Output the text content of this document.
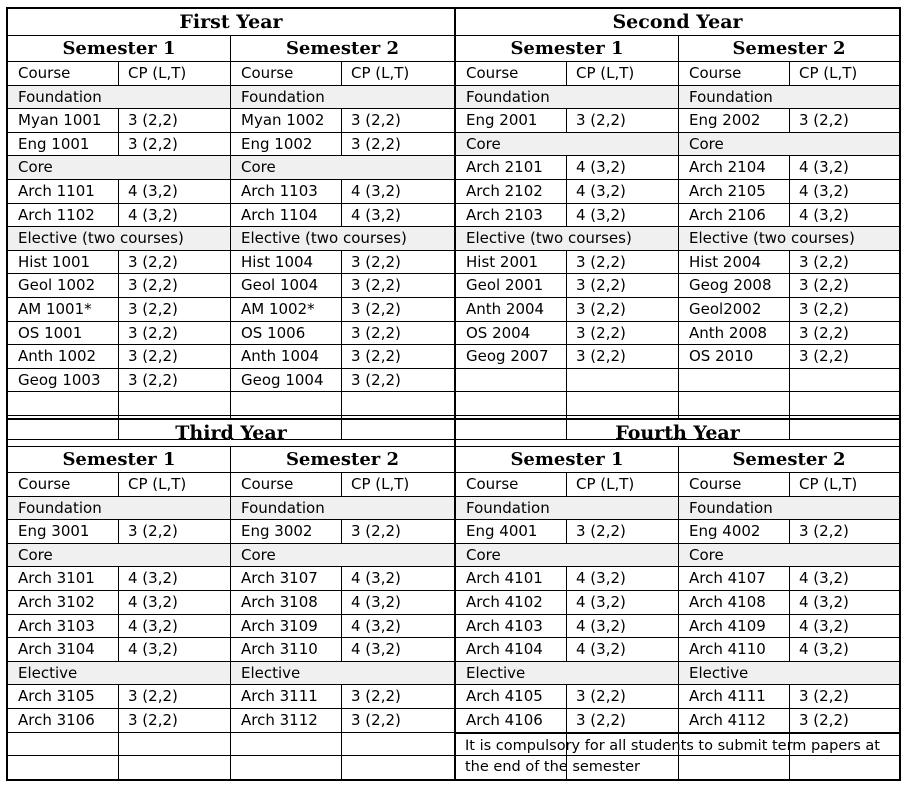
First Year
Semester 1
Course	CP (L,T)
Foundation
Myan 1001	3 (2,2)
Eng 1001	3 (2,2)
Core
Arch 1101	4 (3,2)
Arch 1102	4 (3,2)
Elective (two courses)
Hist 1001	3 (2,2)
Geol 1002	3 (2,2)
AM 1001*	3 (2,2)
OS 1001	3 (2,2)
Anth 1002	3 (2,2)
Geog 1003	3 (2,2)
Semester 2
Course	CP (L,T)
Foundation
Myan 1002	3 (2,2)
Eng 1002	3 (2,2)
Core
Arch 1103	4 (3,2)
Arch 1104	4 (3,2)
Elective (two courses)
Hist 1004	3 (2,2)
Geol 1004	3 (2,2)
AM 1002*	3 (2,2)
OS 1006	3 (2,2)
Anth 1004	3 (2,2)
Geog 1004	3 (2,2)
Second Year
Semester 1
Course	CP (L,T)
Foundation
Eng 2001	3 (2,2)
Core
Arch 2101	4 (3,2)
Arch 2102	4 (3,2)
Arch 2103	4 (3,2)
Elective (two courses)
Hist 2001	3 (2,2)
Geol 2001	3 (2,2)
Anth 2004	3 (2,2)
OS 2004	3 (2,2)
Geog 2007	3 (2,2)
Semester 2
Course	CP (L,T)
Foundation
Eng 2002	3 (2,2)
Core
Arch 2104	4 (3,2)
Arch 2105	4 (3,2)
Arch 2106	4 (3,2)
Elective (two courses)
Hist 2004	3 (2,2)
Geog 2008	3 (2,2)
Geol2002	3 (2,2)
Anth 2008	3 (2,2)
OS 2010	3 (2,2)
Third Year
Semester 1
Course	CP (L,T)
Foundation
Eng 3001	3 (2,2)
Core
Arch 3101	4 (3,2)
Arch 3102	4 (3,2)
Arch 3103	4 (3,2)
Arch 3104	4 (3,2)
Elective
Arch 3105	3 (2,2)
Arch 3106	3 (2,2)
Semester 2
Course	CP (L,T)
Foundation
Eng 3002	3 (2,2)
Core
Arch 3107	4 (3,2)
Arch 3108	4 (3,2)
Arch 3109	4 (3,2)
Arch 3110	4 (3,2)
Elective
Arch 3111	3 (2,2)
Arch 3112	3 (2,2)
Fourth Year
Semester 1
Course	CP (L,T)
Foundation
Eng 4001	3 (2,2)
Core
Arch 4101	4 (3,2)
Arch 4102	4 (3,2)
Arch 4103	4 (3,2)
Arch 4104	4 (3,2)
Elective
Arch 4105	3 (2,2)
Arch 4106	3 (2,2)
Semester 2
Course	CP (L,T)
Foundation
Eng 4002	3 (2,2)
Core
Arch 4107	4 (3,2)
Arch 4108	4 (3,2)
Arch 4109	4 (3,2)
Arch 4110	4 (3,2)
Elective
Arch 4111	3 (2,2)
Arch 4112	3 (2,2)
It is compulsory for all students to submit term papers at the end of the semester
